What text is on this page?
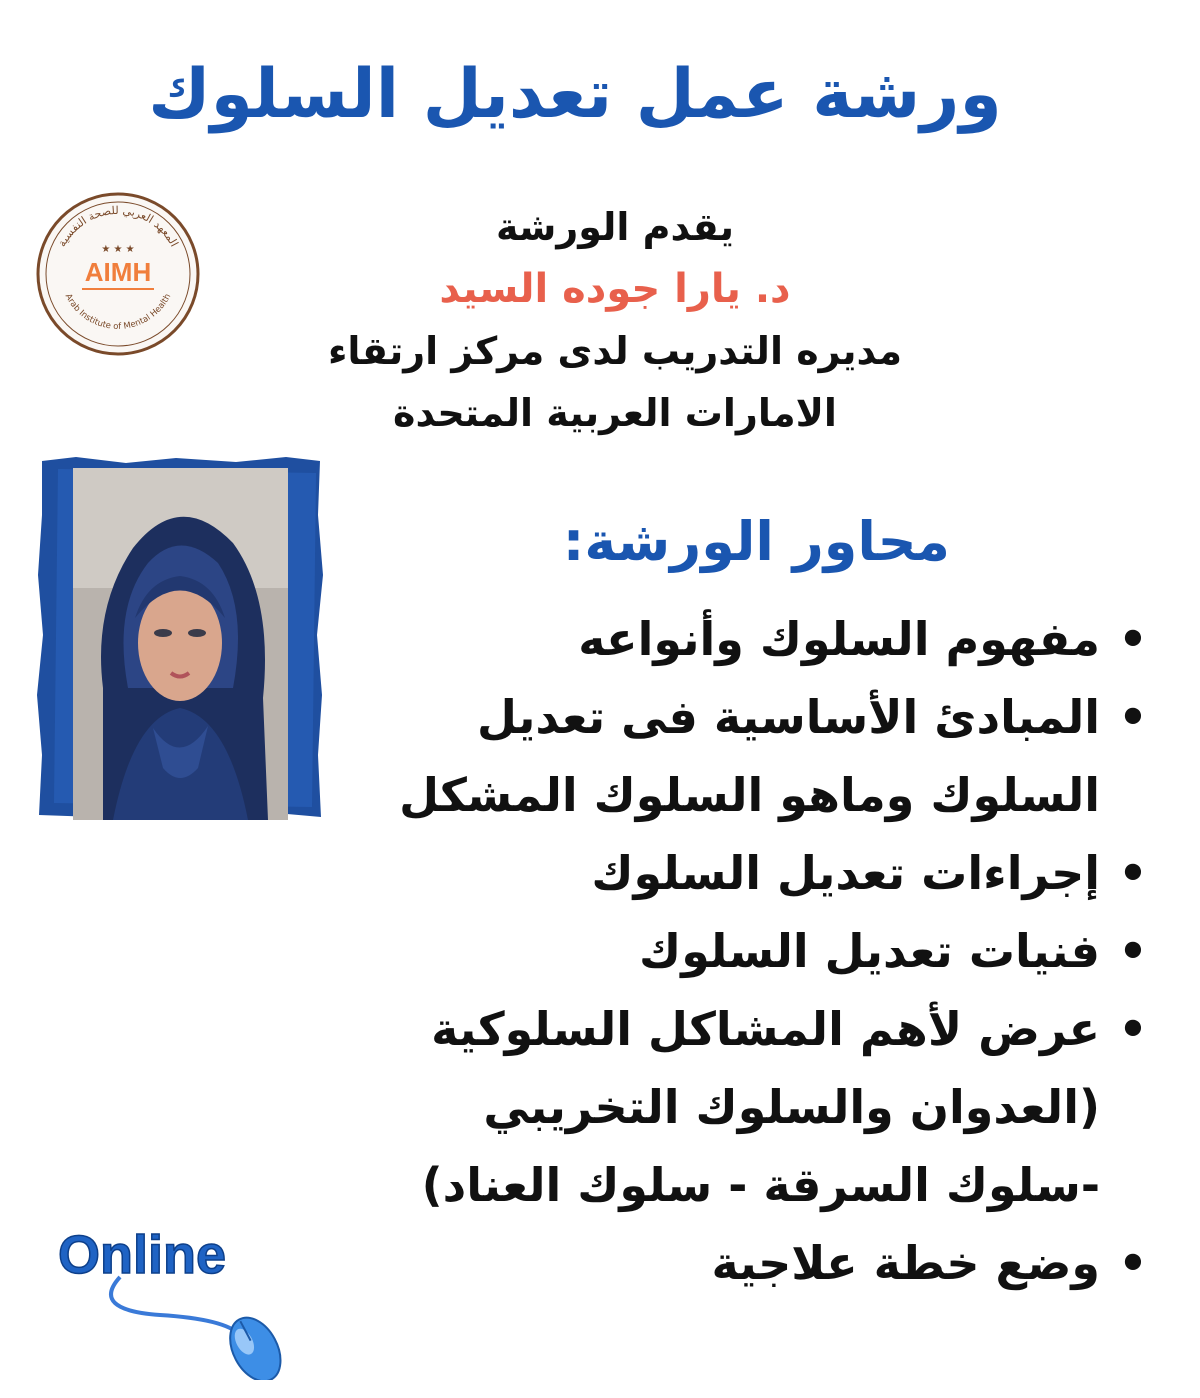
ورشة عمل تعديل السلوك
المعهد العربي للصحة النفسية
Arab Institute of Mental Health
★ ★ ★
AIMH
يقدم الورشة
د. يارا جوده السيد
مديره التدريب لدى مركز ارتقاء
الامارات العربية المتحدة
محاور الورشة:
•
مفهوم السلوك وأنواعه
•
المبادئ الأساسية فى تعديل السلوك وماهو السلوك المشكل
•
إجراءات تعديل السلوك
•
فنيات تعديل السلوك
•
عرض لأهم المشاكل السلوكية (العدوان والسلوك التخريبي -سلوك السرقة - سلوك العناد)
•
وضع خطة علاجية
Online
